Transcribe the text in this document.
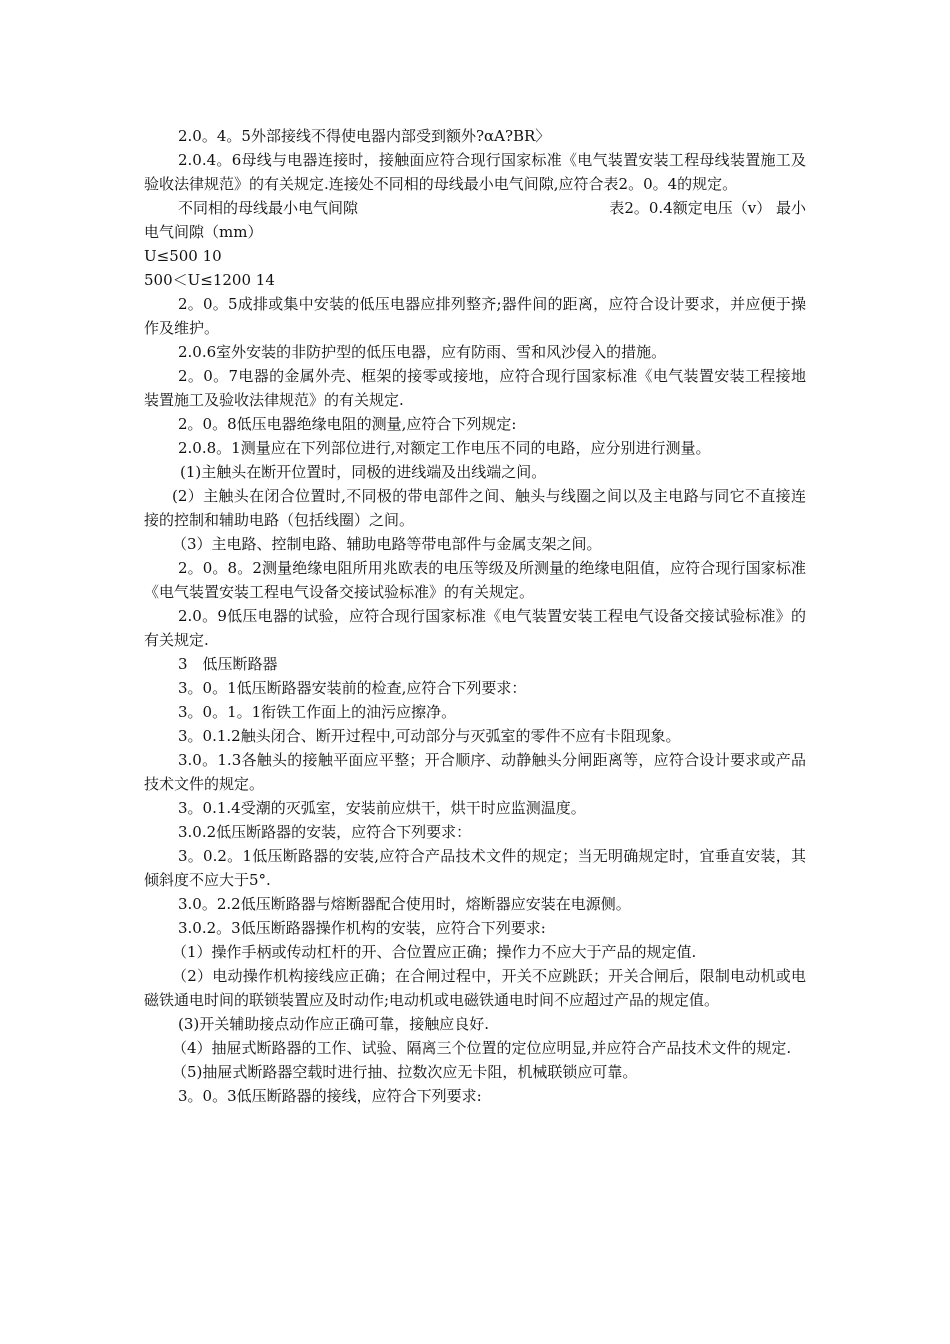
2.0。4。5外部接线不得使电器内部受到额外?αA?BR〉

2.0.4。6母线与电器连接时，接触面应符合现行国家标准《电气装置安装工程母线装置施工及验收法律规范》的有关规定.连接处不同相的母线最小电气间隙,应符合表2。0。4的规定。

不同相的母线最小电气间隙	表2。0.4额定电压（v） 最小

电气间隙（mm）

U≤500 10

500＜U≤1200 14

2。0。5成排或集中安装的低压电器应排列整齐;器件间的距离，应符合设计要求，并应便于操作及维护。

2.0.6室外安装的非防护型的低压电器，应有防雨、雪和风沙侵入的措施。

2。0。7电器的金属外壳、框架的接零或接地，应符合现行国家标准《电气装置安装工程接地装置施工及验收法律规范》的有关规定.

2。0。8低压电器绝缘电阻的测量,应符合下列规定:

2.0.8。1测量应在下列部位进行,对额定工作电压不同的电路，应分别进行测量。

(1)主触头在断开位置时，同极的进线端及出线端之间。

(2）主触头在闭合位置时,不同极的带电部件之间、触头与线圈之间以及主电路与同它不直接连接的控制和辅助电路（包括线圈）之间。

（3）主电路、控制电路、辅助电路等带电部件与金属支架之间。

2。0。8。2测量绝缘电阻所用兆欧表的电压等级及所测量的绝缘电阻值，应符合现行国家标准《电气装置安装工程电气设备交接试验标准》的有关规定。

2.0。9低压电器的试验，应符合现行国家标准《电气装置安装工程电气设备交接试验标准》的有关规定.

3　低压断路器

3。0。1低压断路器安装前的检查,应符合下列要求：

3。0。1。1衔铁工作面上的油污应擦净。

3。0.1.2触头闭合、断开过程中,可动部分与灭弧室的零件不应有卡阻现象。

3.0。1.3各触头的接触平面应平整；开合顺序、动静触头分闸距离等，应符合设计要求或产品技术文件的规定。

3。0.1.4受潮的灭弧室，安装前应烘干，烘干时应监测温度。

3.0.2低压断路器的安装，应符合下列要求：

3。0.2。1低压断路器的安装,应符合产品技术文件的规定；当无明确规定时，宜垂直安装，其倾斜度不应大于5°.

3.0。2.2低压断路器与熔断器配合使用时，熔断器应安装在电源侧。

3.0.2。3低压断路器操作机构的安装，应符合下列要求:

（1）操作手柄或传动杠杆的开、合位置应正确；操作力不应大于产品的规定值.

（2）电动操作机构接线应正确；在合闸过程中，开关不应跳跃；开关合闸后，限制电动机或电磁铁通电时间的联锁装置应及时动作;电动机或电磁铁通电时间不应超过产品的规定值。

(3)开关辅助接点动作应正确可靠，接触应良好.

（4）抽屉式断路器的工作、试验、隔离三个位置的定位应明显,并应符合产品技术文件的规定.

（5)抽屉式断路器空载时进行抽、拉数次应无卡阻，机械联锁应可靠。

3。0。3低压断路器的接线，应符合下列要求:
